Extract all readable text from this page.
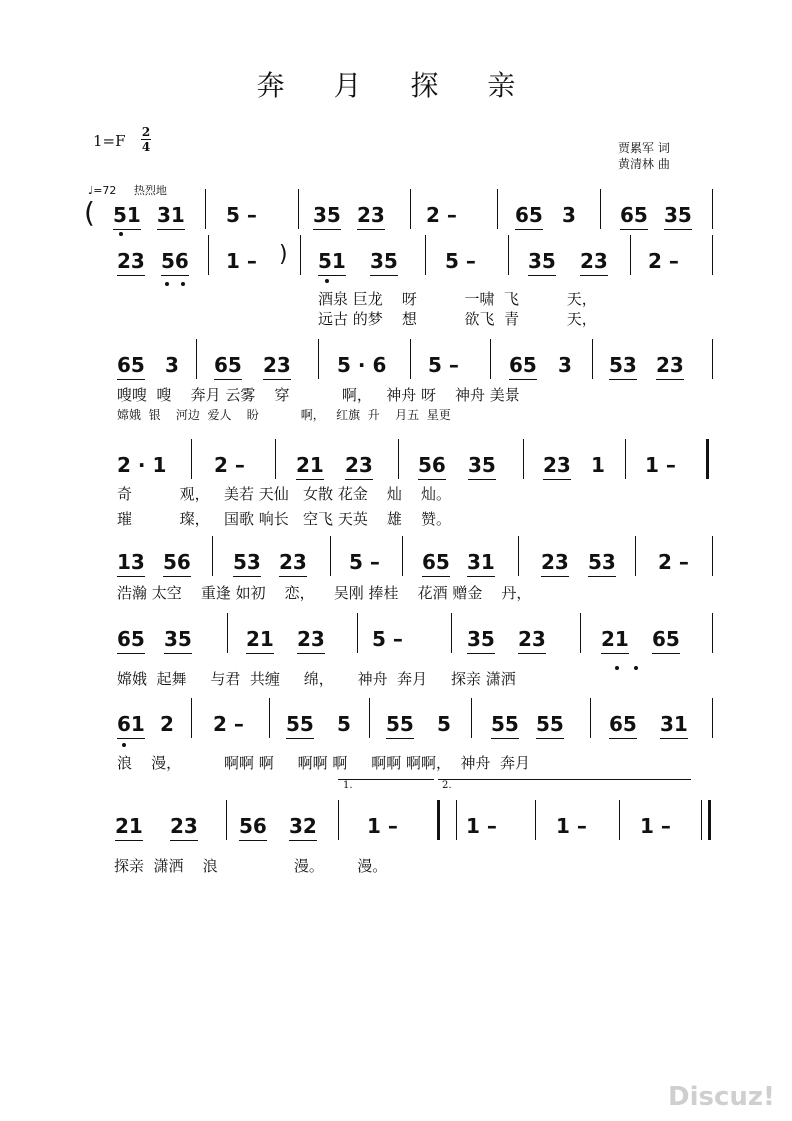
奔 月 探 亲
1=F 2
4	贾累军 词
黄清林 曲
♩=72 热烈地
51 31 5 –	35 23 2 –	65 3 65 35
23 56 1 –	51 35 5 –	35 23 2 –
65 3 65 23 5 · 6 5 –	65 3 53 23
2 · 1 2 –	21 23 56 35 23 1 1 –
13 56 53 23 5 – 65 31 23 53 2 –
65 35	21 23 5 –	35 23	21 65
61 2 2 – 55 5 55 5 55 55 65 31
21 23 56 32	1 –	1 –	1 –	1 –
(
)
1.	2.
酒泉 巨龙    呀          一啸  飞          天，
远古 的梦    想          欲飞  青          天，
嗖嗖  嗖    奔月 云雾    穿           啊，   神舟 呀    神舟 美景
嫦娥  银    河边  爱人    盼           啊，   红旗  升    月五  星更
奇          观，   美若 天仙   女散 花金    灿    灿。
璀          璨，   国歌 响长   空飞 天英    雄    赞。
浩瀚 太空    重逢 如初    恋，    吴刚 捧桂    花酒 赠金    丹，
嫦娥  起舞     与君  共缠     绵，     神舟  奔月     探亲 潇洒
浪    漫，         啊啊 啊     啊啊 啊     啊啊 啊啊，  神舟  奔月
探亲  潇洒    浪                漫。       漫。
Discuz!
